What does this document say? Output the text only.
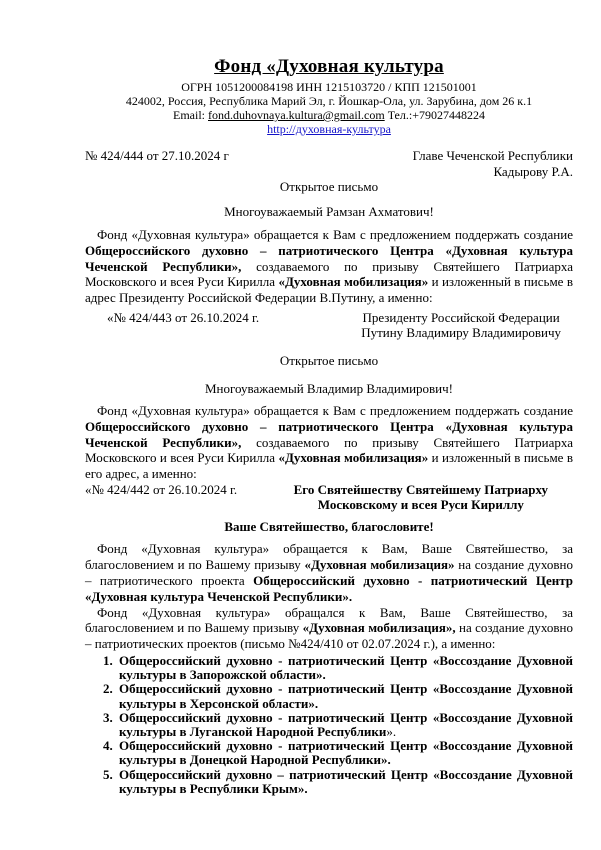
Фонд «Духовная культура
ОГРН 1051200084198 ИНН 1215103720 / КПП 121501001
424002, Россия, Республика Марий Эл, г. Йошкар-Ола, ул. Зарубина, дом 26 к.1
Email: fond.duhovnaya.kultura@gmail.com Тел.:+79027448224
http://духовная-культура
№ 424/444 от 27.10.2024 г	Главе Чеченской Республики
Кадырову Р.А.
Открытое письмо
Многоуважаемый Рамзан Ахматович!

Фонд «Духовная культура» обращается к Вам с предложением поддержать создание Общероссийского духовно – патриотического Центра «Духовная культура Чеченской Республики», создаваемого по призыву Святейшего Патриарха Московского и всея Руси Кирилла «Духовная мобилизация» и изложенный в письме в адрес Президенту Российской Федерации В.Путину, а именно:

«№ 424/443 от 26.10.2024 г.	Президенту Российской Федерации
Путину Владимиру Владимировичу
Открытое письмо
Многоуважаемый Владимир Владимирович!

Фонд «Духовная культура» обращается к Вам с предложением поддержать создание Общероссийского духовно – патриотического Центра «Духовная культура Чеченской Республики», создаваемого по призыву Святейшего Патриарха Московского и всея Руси Кирилла «Духовная мобилизация» и изложенный в письме в его адрес, а именно:

«№ 424/442 от 26.10.2024 г.	Его Святейшеству Святейшему Патриарху
Московскому и всея Руси Кириллу
Ваше Святейшество, благословите!

Фонд «Духовная культура» обращается к Вам, Ваше Святейшество, за благословением и по Вашему призыву «Духовная мобилизация» на создание духовно – патриотического проекта Общероссийский духовно - патриотический Центр «Духовная культура Чеченской Республики».

Фонд «Духовная культура» обращался к Вам, Ваше Святейшество, за благословением и по Вашему призыву «Духовная мобилизация», на создание духовно – патриотических проектов (письмо №424/410 от 02.07.2024 г.), а именно:

1. Общероссийский духовно - патриотический Центр «Воссоздание Духовной культуры в Запорожской области».
2. Общероссийский духовно - патриотический Центр «Воссоздание Духовной культуры в Херсонской области».
3. Общероссийский духовно - патриотический Центр «Воссоздание Духовной культуры в Луганской Народной Республики».
4. Общероссийский духовно - патриотический Центр «Воссоздание Духовной культуры в Донецкой Народной Республики».
5. Общероссийский духовно – патриотический Центр «Воссоздание Духовной культуры в Республики Крым».
